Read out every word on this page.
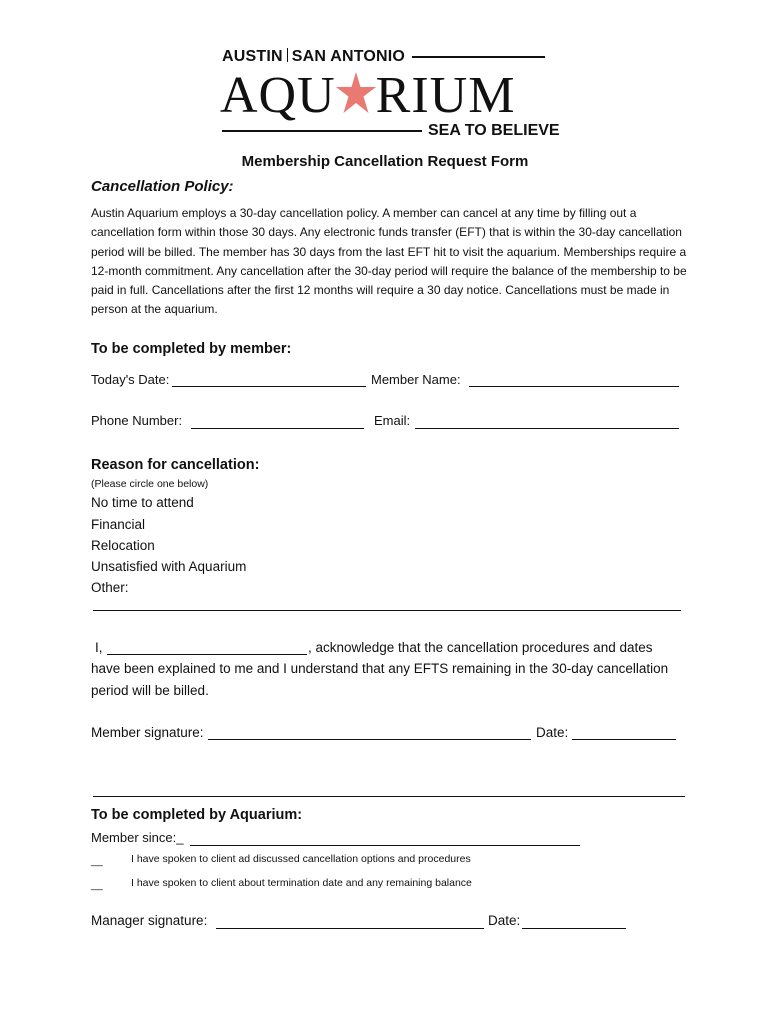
AUSTIN SAN ANTONIO
AQU RIUM
SEA TO BELIEVE
Membership Cancellation Request Form
Cancellation Policy:
Austin Aquarium employs a 30-day cancellation policy. A member can cancel at any time by filling out a cancellation form within those 30 days. Any electronic funds transfer (EFT) that is within the 30-day cancellation period will be billed. The member has 30 days from the last EFT hit to visit the aquarium. Memberships require a 12-month commitment. Any cancellation after the 30-day period will require the balance of the membership to be paid in full. Cancellations after the first 12 months will require a 30 day notice. Cancellations must be made in person at the aquarium.
To be completed by member:
Today's Date:	Member Name:
Phone Number:	Email:
Reason for cancellation:
(Please circle one below)
No time to attend
Financial
Relocation
Unsatisfied with Aquarium
Other:
I,	, acknowledge that the cancellation procedures and dates
have been explained to me and I understand that any EFTS remaining in the 30-day cancellation
period will be billed.
Member signature:	Date:
To be completed by Aquarium:
Member since:_
__	I have spoken to client ad discussed cancellation options and procedures
__	I have spoken to client about termination date and any remaining balance
Manager signature:	Date:
